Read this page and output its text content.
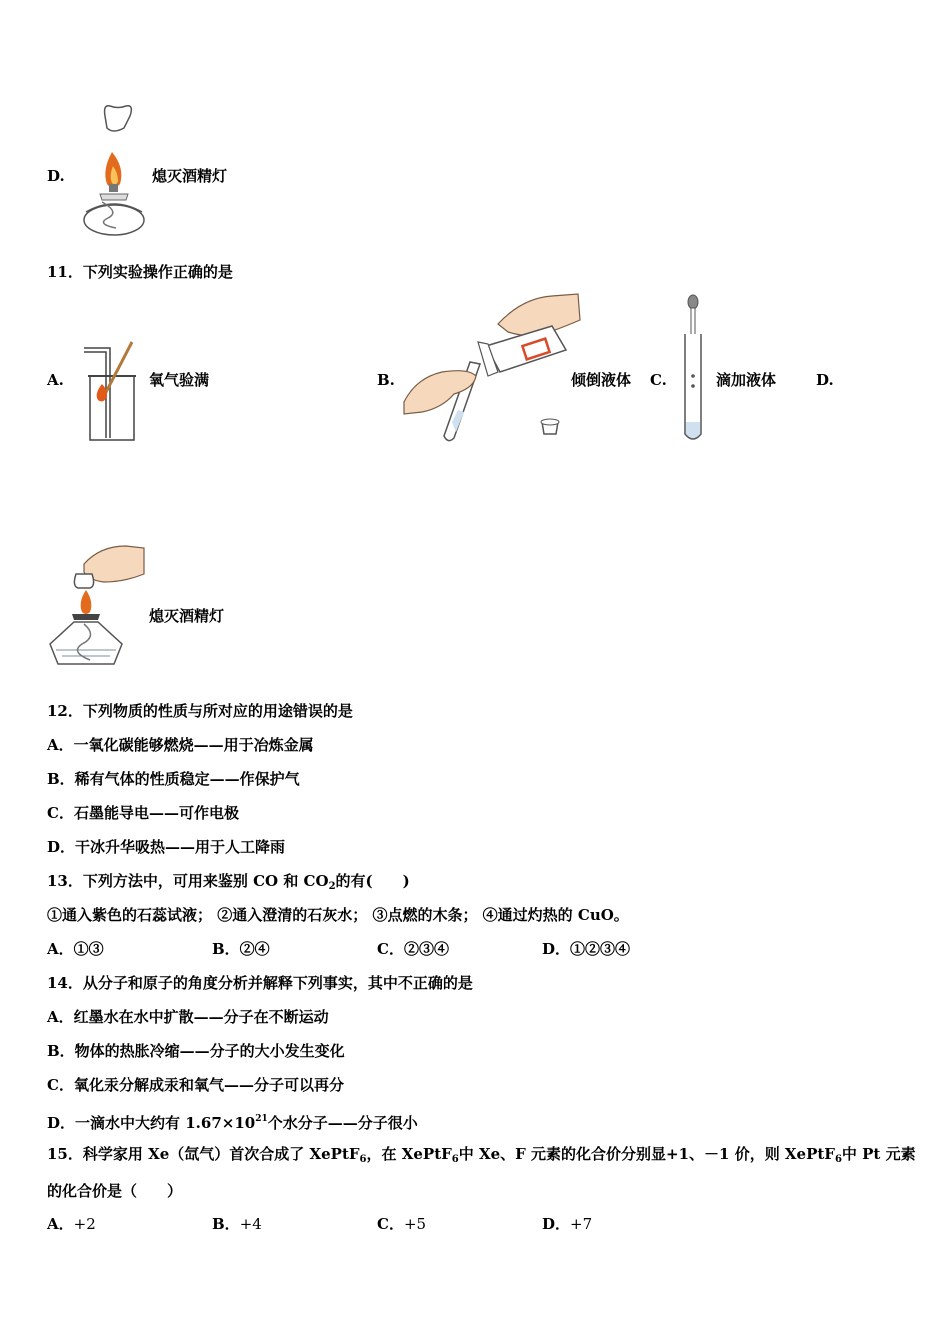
D.	熄灭酒精灯
11．下列实验操作正确的是
A.	氧气验满	B.	倾倒液体 C.	滴加液体	D.
熄灭酒精灯
12．下列物质的性质与所对应的用途错误的是
A．一氧化碳能够燃烧——用于冶炼金属
B．稀有气体的性质稳定——作保护气
C．石墨能导电——可作电极
D．干冰升华吸热——用于人工降雨
13．下列方法中，可用来鉴别 CO 和 $CO_2$的有(　　)
①通入紫色的石蕊试液； ②通入澄清的石灰水； ③点燃的木条； ④通过灼热的 CuO。
A．①③	B．②④	C．②③④	D．①②③④
14．从分子和原子的角度分析并解释下列事实，其中不正确的是
A．红墨水在水中扩散——分子在不断运动
B．物体的热胀冷缩——分子的大小发生变化
C．氧化汞分解成汞和氧气——分子可以再分
D．一滴水中大约有 $1.67\times 10^{21}$个水分子——分子很小
15．科学家用 Xe（氙气）首次合成了 XePtF$_6$，在 XePtF$_6$中 Xe、F 元素的化合价分别显+1、－1 价，则 XePtF$_6$中 Pt 元素
的化合价是（　　）
A．+2	B．+4	C．+5	D．+7
